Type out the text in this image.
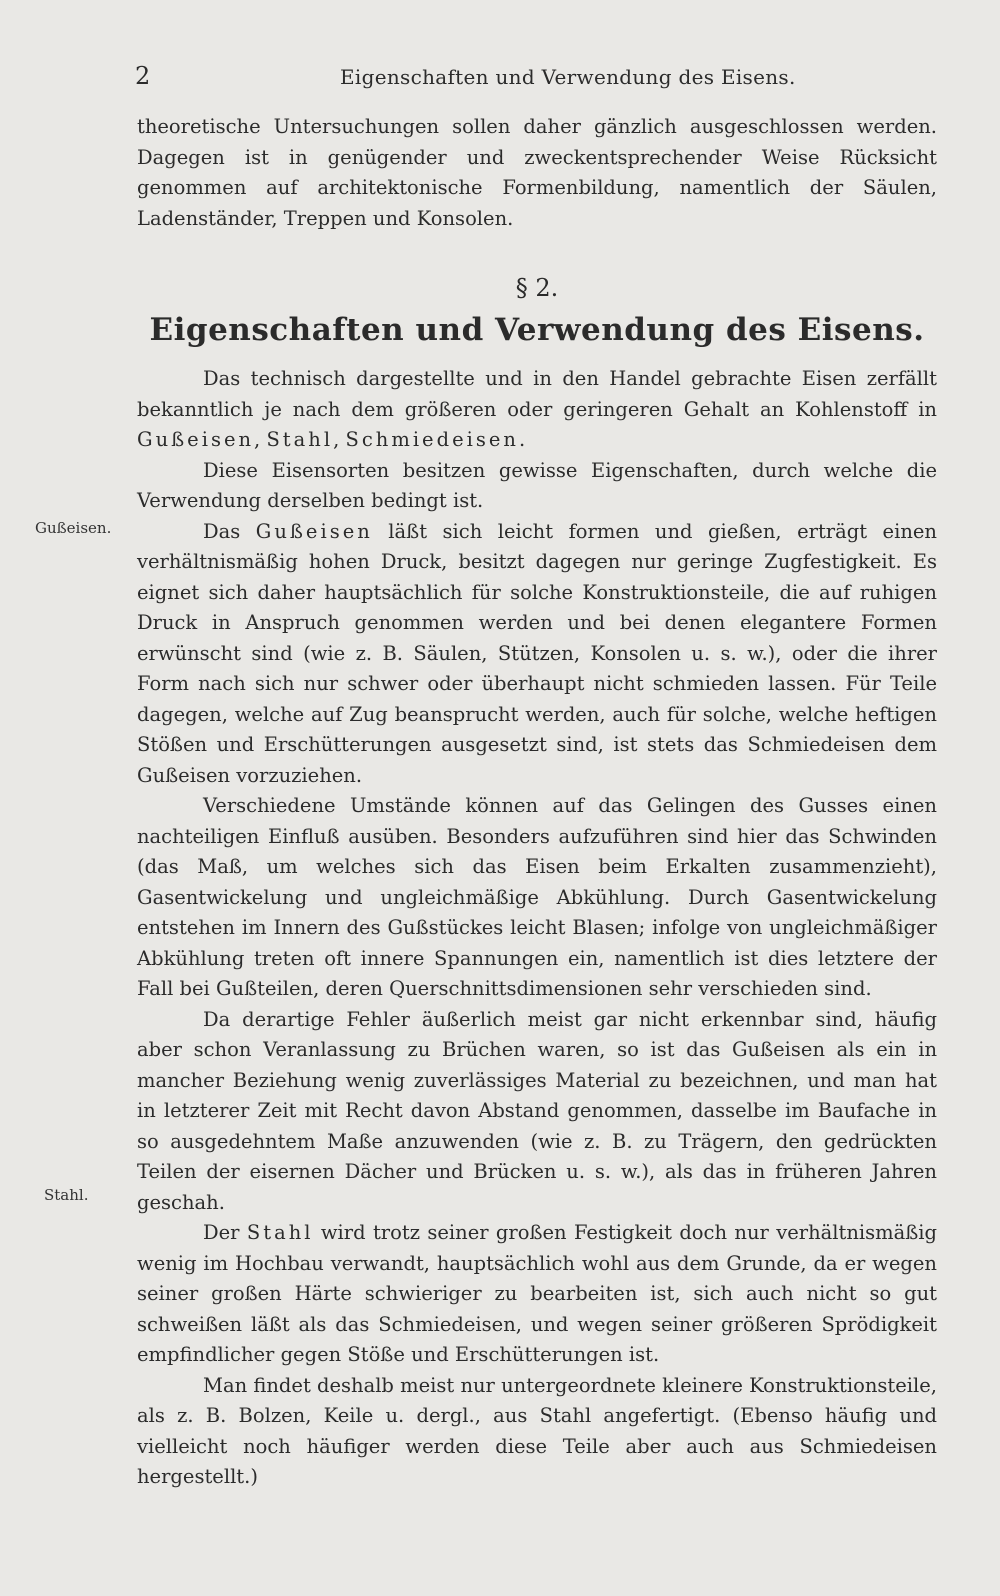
2	Eigenschaften und Verwendung des Eisens.
Gußeisen.
Stahl.

theoretische Untersuchungen sollen daher gänzlich ausgeschlossen werden. Dagegen ist in genügender und zweckentsprechender Weise Rücksicht genommen auf architektonische Formenbildung, namentlich der Säulen, Ladenständer, Treppen und Konsolen.

§ 2.
Eigenschaften und Verwendung des Eisens.

Das technisch dargestellte und in den Handel gebrachte Eisen zerfällt bekanntlich je nach dem größeren oder geringeren Gehalt an Kohlenstoff in Gußeisen, Stahl, Schmiedeisen.

Diese Eisensorten besitzen gewisse Eigenschaften, durch welche die Verwendung derselben bedingt ist.

Das Gußeisen läßt sich leicht formen und gießen, erträgt einen verhältnismäßig hohen Druck, besitzt dagegen nur geringe Zugfestigkeit. Es eignet sich daher hauptsächlich für solche Konstruktionsteile, die auf ruhigen Druck in Anspruch genommen werden und bei denen elegantere Formen erwünscht sind (wie z. B. Säulen, Stützen, Konsolen u. s. w.), oder die ihrer Form nach sich nur schwer oder überhaupt nicht schmieden lassen. Für Teile dagegen, welche auf Zug beansprucht werden, auch für solche, welche heftigen Stößen und Erschütterungen ausgesetzt sind, ist stets das Schmiedeisen dem Gußeisen vorzuziehen.

Verschiedene Umstände können auf das Gelingen des Gusses einen nachteiligen Einfluß ausüben. Besonders aufzuführen sind hier das Schwinden (das Maß, um welches sich das Eisen beim Erkalten zusammenzieht), Gasentwickelung und ungleichmäßige Abkühlung. Durch Gasentwickelung entstehen im Innern des Gußstückes leicht Blasen; infolge von ungleichmäßiger Abkühlung treten oft innere Spannungen ein, namentlich ist dies letztere der Fall bei Gußteilen, deren Querschnittsdimensionen sehr verschieden sind.

Da derartige Fehler äußerlich meist gar nicht erkennbar sind, häufig aber schon Veranlassung zu Brüchen waren, so ist das Gußeisen als ein in mancher Beziehung wenig zuverlässiges Material zu bezeichnen, und man hat in letzterer Zeit mit Recht davon Abstand genommen, dasselbe im Baufache in so ausgedehntem Maße anzuwenden (wie z. B. zu Trägern, den gedrückten Teilen der eisernen Dächer und Brücken u. s. w.), als das in früheren Jahren geschah.

Der Stahl wird trotz seiner großen Festigkeit doch nur verhältnismäßig wenig im Hochbau verwandt, hauptsächlich wohl aus dem Grunde, da er wegen seiner großen Härte schwieriger zu bearbeiten ist, sich auch nicht so gut schweißen läßt als das Schmiedeisen, und wegen seiner größeren Sprödigkeit empfindlicher gegen Stöße und Erschütterungen ist.

Man findet deshalb meist nur untergeordnete kleinere Konstruktionsteile, als z. B. Bolzen, Keile u. dergl., aus Stahl angefertigt. (Ebenso häufig und vielleicht noch häufiger werden diese Teile aber auch aus Schmiedeisen hergestellt.)
